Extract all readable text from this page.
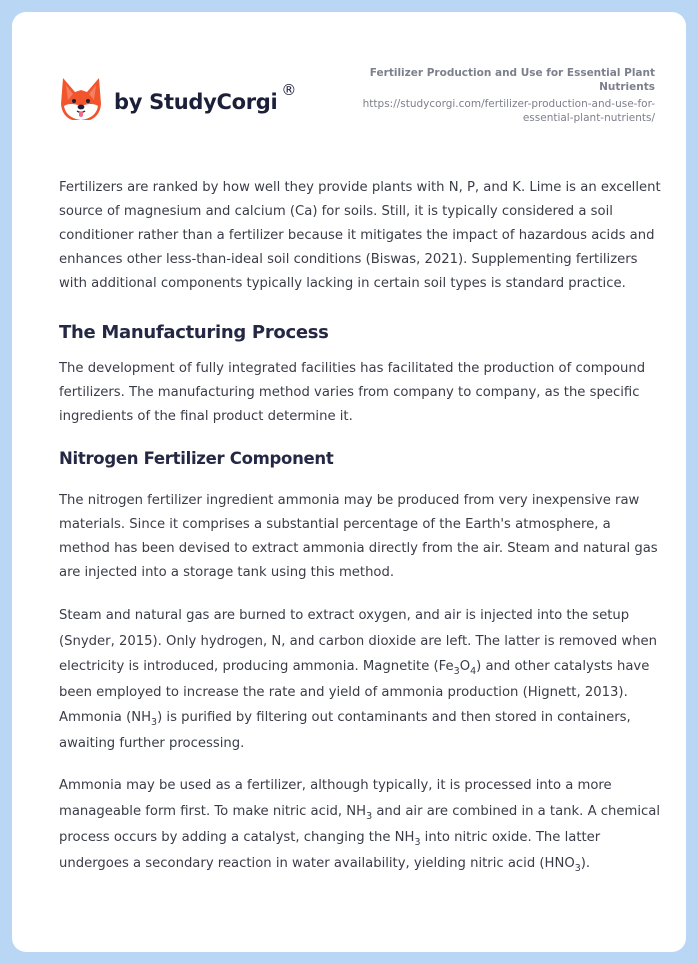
by StudyCorgi ®
Fertilizer Production and Use for Essential Plant Nutrients
https://studycorgi.com/fertilizer-production-and-use-for-essential-plant-nutrients/

Fertilizers are ranked by how well they provide plants with N, P, and K. Lime is an excellent source of magnesium and calcium (Ca) for soils. Still, it is typically considered a soil conditioner rather than a fertilizer because it mitigates the impact of hazardous acids and enhances other less-than-ideal soil conditions (Biswas, 2021). Supplementing fertilizers with additional components typically lacking in certain soil types is standard practice.

The Manufacturing Process

The development of fully integrated facilities has facilitated the production of compound fertilizers. The manufacturing method varies from company to company, as the specific ingredients of the final product determine it.

Nitrogen Fertilizer Component

The nitrogen fertilizer ingredient ammonia may be produced from very inexpensive raw materials. Since it comprises a substantial percentage of the Earth's atmosphere, a method has been devised to extract ammonia directly from the air. Steam and natural gas are injected into a storage tank using this method.

Steam and natural gas are burned to extract oxygen, and air is injected into the setup (Snyder, 2015). Only hydrogen, N, and carbon dioxide are left. The latter is removed when electricity is introduced, producing ammonia. Magnetite $(Fe_3O_4)$ and other catalysts have been employed to increase the rate and yield of ammonia production (Hignett, 2013). Ammonia $(NH_3)$ is purified by filtering out contaminants and then stored in containers, awaiting further processing.

Ammonia may be used as a fertilizer, although typically, it is processed into a more manageable form first. To make nitric acid, $NH_3$ and air are combined in a tank. A chemical process occurs by adding a catalyst, changing the $NH_3$ into nitric oxide. The latter undergoes a secondary reaction in water availability, yielding nitric acid $(HNO_3)$.
